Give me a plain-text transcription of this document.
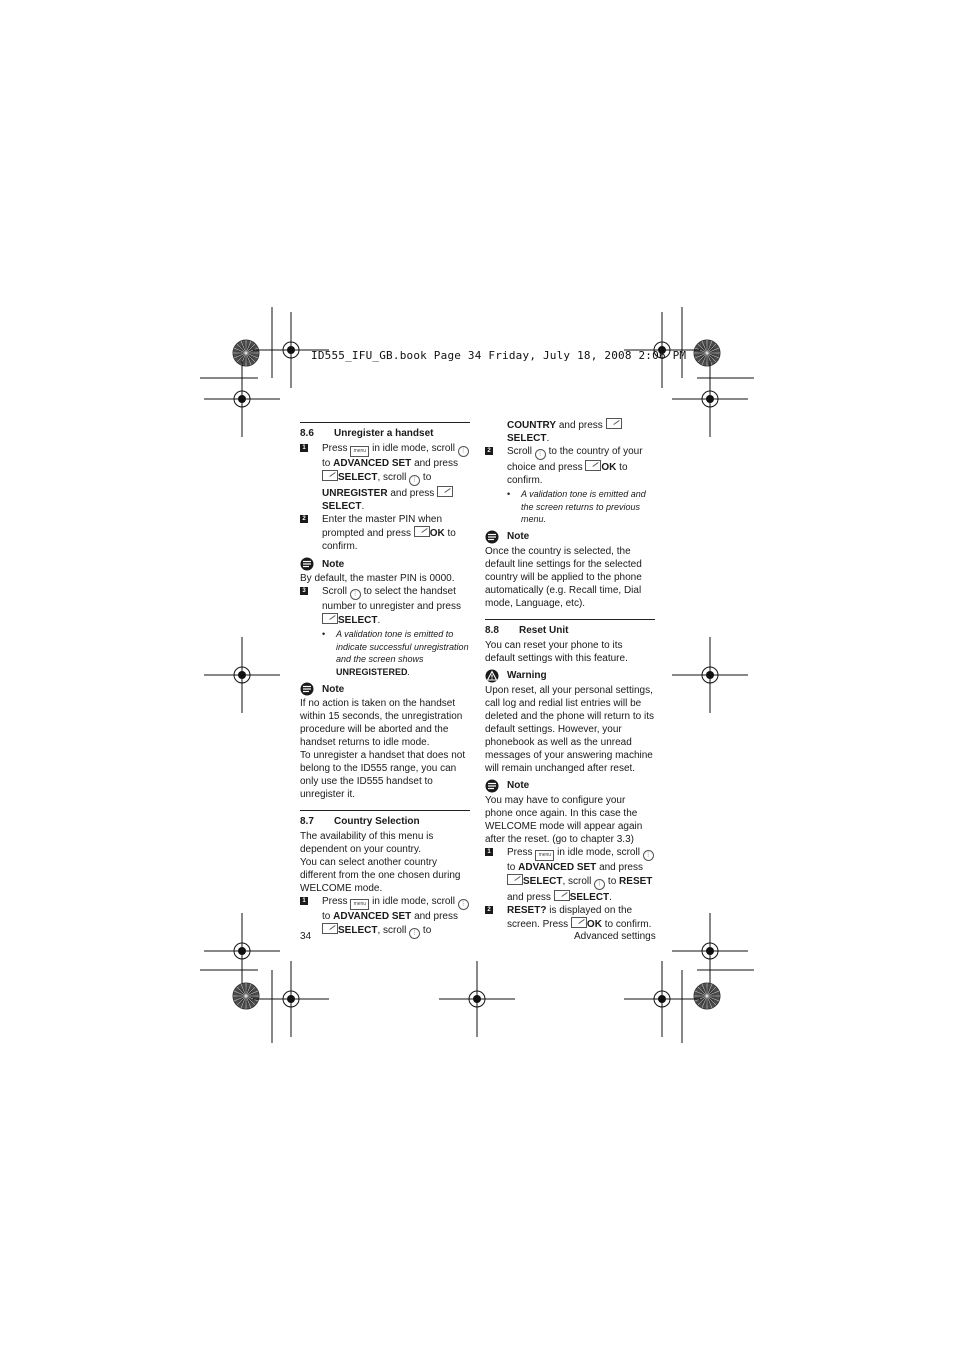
ID555_IFU_GB.book Page 34 Friday, July 18, 2008 2:06 PM
8.6	Unregister a handset
1 Press menu in idle mode, scroll ⋮ to ADVANCED SET and press SELECT, scroll ⋮ to UNREGISTER and press SELECT.
2 Enter the master PIN when prompted and press OK to confirm.
Note

By default, the master PIN is 0000.

3 Scroll ⋮ to select the handset number to unregister and press SELECT.
•	A validation tone is emitted to indicate successful unregistration and the screen shows UNREGISTERED.
Note

If no action is taken on the handset within 15 seconds, the unregistration procedure will be aborted and the handset returns to idle mode.

To unregister a handset that does not belong to the ID555 range, you can only use the ID555 handset to unregister it.

8.7	Country Selection

The availability of this menu is dependent on your country.

You can select another country different from the one chosen during WELCOME mode.

1 Press menu in idle mode, scroll ⋮ to ADVANCED SET and press SELECT, scroll ⋮ to
COUNTRY and press SELECT.
2 Scroll ⋮ to the country of your choice and press OK to confirm.
•	A validation tone is emitted and the screen returns to previous menu.
Note

Once the country is selected, the default line settings for the selected country will be applied to the phone automatically (e.g. Recall time, Dial mode, Language, etc).

8.8	Reset Unit

You can reset your phone to its default settings with this feature.

Warning

Upon reset, all your personal settings, call log and redial list entries will be deleted and the phone will return to its default settings. However, your phonebook as well as the unread messages of your answering machine will remain unchanged after reset.

Note

You may have to configure your phone once again. In this case the WELCOME mode will appear again after the reset. (go to chapter 3.3)

1 Press menu in idle mode, scroll ⋮ to ADVANCED SET and press SELECT, scroll ⋮ to RESET and press SELECT.
2 RESET? is displayed on the screen. Press OK to confirm.
34	Advanced settings
